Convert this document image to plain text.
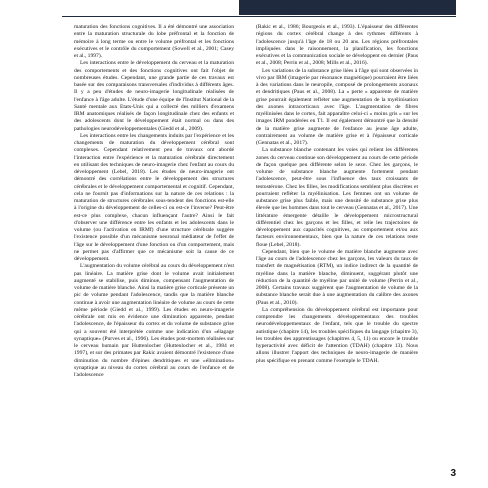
Chapitre 1 - Le développement cérébral...

maturation des fonctions cognitives. Il a été démontré une association entre la maturation structurale du lobe préfrontal et la fonction de mémoire à long terme ou entre le volume préfrontal et les fonctions exécutives et le contrôle du comportement (Sowell et al., 2001; Casey et al., 1997).

Les interactions entre le développement du cerveau et la maturation des comportements et des fonctions cognitives ont fait l'objet de nombreuses études. Cependant, une grande partie de ces travaux est basée sur des comparaisons transversales d'individus à différents âges. Il y a peu d'études de neuro-imagerie longitudinale réalisées de l'enfance à l'âge adulte. L'étude d'une équipe de l'Institut National de la Santé mentale aux Etats-Unis qui a collecté des milliers d'examens IRM anatomiques réalisés de façon longitudinale chez des enfants et des adolescents dont le développement était normal ou dans des pathologies neurodéveloppementales (Giedd et al., 2009).

Les interactions entre les changements induits par l'expérience et les changements de maturation du développement cérébral sont complexes. Cependant relativement peu de travaux ont abordé l'interaction entre l'expérience et la maturation cérébrale directement en utilisant des techniques de neuro-imagerie chez l'enfant au cours du développement (Lebel, 2018). Les études de neuro-imagerie ont démontré des corrélations entre le développement des structures cérébrales et le développement comportemental et cognitif. Cependant, cela ne fournit pas d'informations sur la nature de ces relations : la maturation de structures cérébrales sous-tendent des fonctions est-elle à l'origine du développement de celles-ci ou est-ce l'inverse? Peut-être est-ce plus complexe, chacun influençant l'autre? Ainsi le fait d'observer une différence entre les enfants et les adolescents dans le volume (ou l'activation en IRMf) d'une structure cérébrale suggère l'existence possible d'un mécanisme neuronal médiateur de l'effet de l'âge sur le développement d'une fonction ou d'un comportement, mais ne permet pas d'affirmer que ce mécanisme soit la cause de ce développement.

L'augmentation du volume cérébral au cours du développement n'est pas linéaire. La matière grise dont le volume avait initialement augmenté se stabilise, puis diminue, compensant l'augmentation de volume de matière blanche. Ainsi la matière grise corticale présente un pic de volume pendant l'adolescence, tandis que la matière blanche continue à avoir une augmentation linéaire de volume au cours de cette même période (Giedd et al., 1999). Les études en neuro-imagerie cérébrale ont mis en évidence une diminution apparente, pendant l'adolescence, de l'épaisseur du cortex et du volume de substance grise qui a souvent été interprétée comme une indication d'un «élagage synaptique» (Purves et al., 1996). Les études post-mortem réalisées sur le cerveau humain par Huttenlocher (Huttenlocher et al., 1984 et 1997), et sur des primates par Rakic avaient démontré l'existence d'une diminution du nombre d'épines dendritiques et une «élimination» synaptique au niveau du cortex cérébral au cours de l'enfance et de l'adolescence

(Rakic et al., 1986; Bourgeois et al., 1993). L'épaisseur des différentes régions du cortex cérébral change à des rythmes différents à l'adolescence jusqu'à l'âge de 18 ou 20 ans. Les régions préfrontales impliquées dans le raisonnement, la planification, les fonctions exécutives et la communication sociale se développent en dernier (Paus et al., 2008; Perrin et al., 2008; Mills et al., 2016).

Les variations de la substance grise liées à l'âge qui sont observées in vivo par IRM (imagerie par résonance magnétique) pourraient être liées à des variations dans le neuropile, composé de prolongements axonaux et dendritiques (Paus et al., 2008). La « perte » apparente de matière grise pourrait également refléter une augmentation de la myélinisation des axones intracorticaux avec l'âge. L'augmentation de fibres myélinisées dans le cortex, fait apparaître celui-ci « moins gris » sur les images IRM pondérées en T1. Il est également démontré que la densité de la matière grise augmente de l'enfance au jeune âge adulte, contrairement au volume de matière grise et à l'épaisseur corticale (Gennatas et al., 2017).

La substance blanche contenant les voies qui relient les différentes zones du cerveau continue son développement au cours de cette période de façon quelque peu différente selon le sexe. Chez les garçons, le volume de substance blanche augmente fortement pendant l'adolescence, peut-être sous l'influence des taux croissants de testostérone. Chez les filles, les modifications semblent plus discrètes et pourraient refléter la myélinisation. Les femmes ont un volume de substance grise plus faible, mais une densité de substance grise plus élevée que les hommes dans tout le cerveau (Gennatas et al., 2017). Une littérature émergente détaille le développement microstructural différentiel chez les garçons et les filles, et relie les trajectoires de développement aux capacités cognitives, au comportement et/ou aux facteurs environnementaux, bien que la nature de ces relations reste floue (Lebel, 2018).

Cependant, bien que le volume de matière blanche augmente avec l'âge au cours de l'adolescence chez les garçons, les valeurs du taux de transfert de magnétisation (RTM), un indice indirect de la quantité de myéline dans la matière blanche, diminuent, suggérant plutôt une réduction de la quantité de myéline par unité de volume (Perrin et al., 2008). Certains travaux suggèrent que l'augmentation de volume de la substance blanche serait due à une augmentation du calibre des axones (Paus et al., 2010).

La compréhension du développement cérébral est importante pour comprendre les changements développementaux des troubles neurodéveloppementaux de l'enfant, tels que le trouble du spectre autistique (chapitre 14), les troubles spécifiques du langage (chapitre 3), les troubles des apprentissages (chapitres 4, 5, 11) ou encore le trouble hyperactivité avec déficit de l'attention (TDAH) (chapitre 13). Nous allons illustrer l'apport des techniques de neuro-imagerie de manière plus spécifique en prenant comme l'exemple le TDAH.

3
